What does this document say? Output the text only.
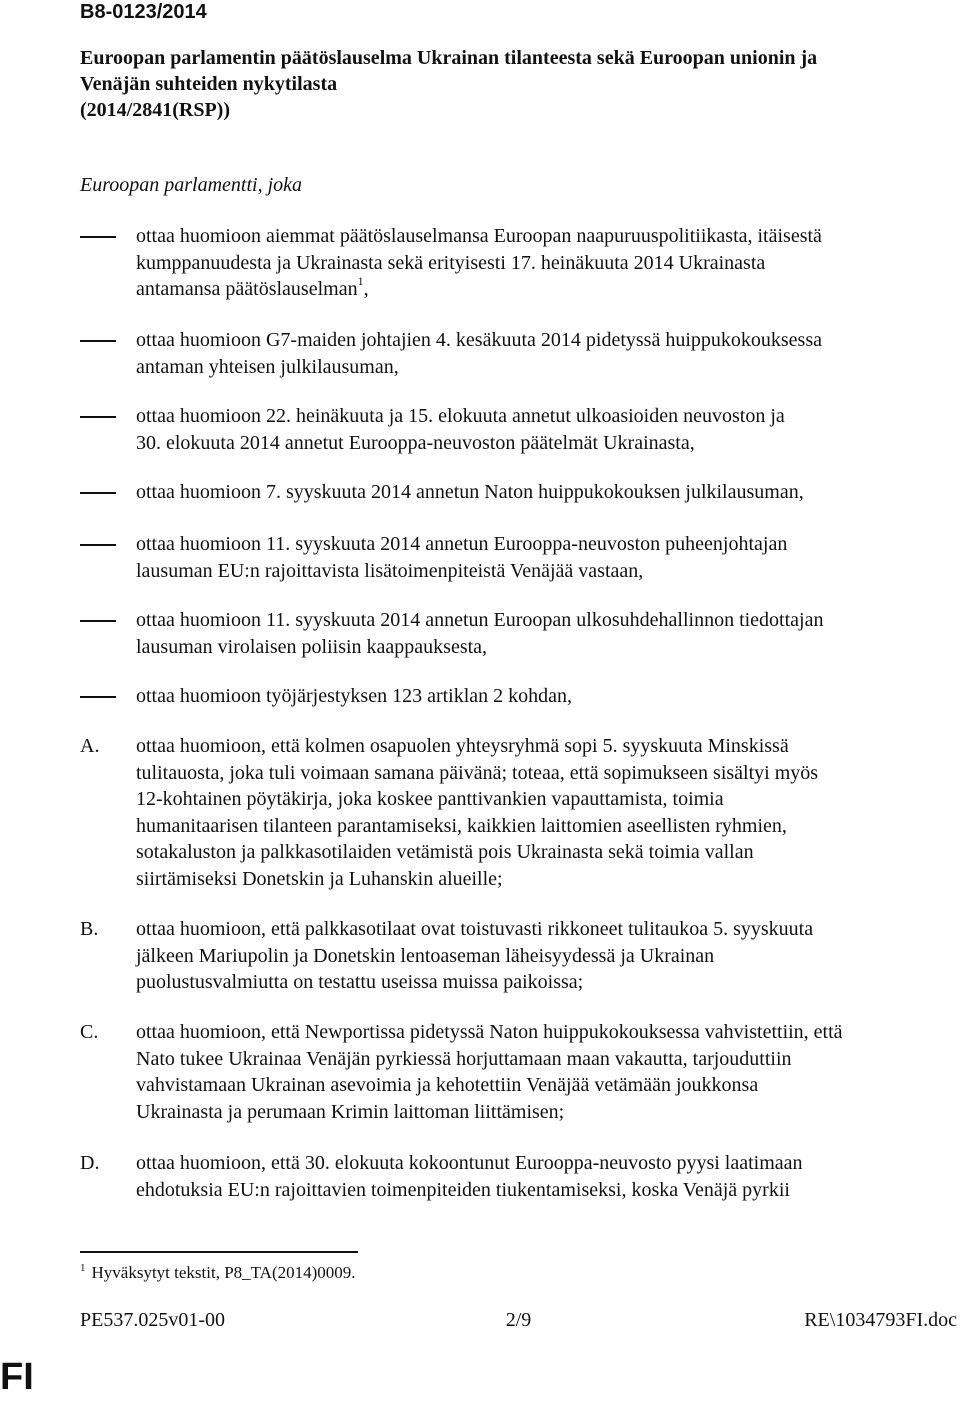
B8-0123/2014
Euroopan parlamentin päätöslauselma Ukrainan tilanteesta sekä Euroopan unionin ja
Venäjän suhteiden nykytilasta
(2014/2841(RSP))
Euroopan parlamentti, joka
ottaa huomioon aiemmat päätöslauselmansa Euroopan naapuruuspolitiikasta, itäisestä
kumppanuudesta ja Ukrainasta sekä erityisesti 17. heinäkuuta 2014 Ukrainasta
antamansa päätöslauselman$^1$,
ottaa huomioon G7-maiden johtajien 4. kesäkuuta 2014 pidetyssä huippukokouksessa
antaman yhteisen julkilausuman,
ottaa huomioon 22. heinäkuuta ja 15. elokuuta annetut ulkoasioiden neuvoston ja
30. elokuuta 2014 annetut Eurooppa-neuvoston päätelmät Ukrainasta,
ottaa huomioon 7. syyskuuta 2014 annetun Naton huippukokouksen julkilausuman,
ottaa huomioon 11. syyskuuta 2014 annetun Eurooppa-neuvoston puheenjohtajan
lausuman EU:n rajoittavista lisätoimenpiteistä Venäjää vastaan,
ottaa huomioon 11. syyskuuta 2014 annetun Euroopan ulkosuhdehallinnon tiedottajan
lausuman virolaisen poliisin kaappauksesta,
ottaa huomioon työjärjestyksen 123 artiklan 2 kohdan,
A. ottaa huomioon, että kolmen osapuolen yhteysryhmä sopi 5. syyskuuta Minskissä
tulitauosta, joka tuli voimaan samana päivänä; toteaa, että sopimukseen sisältyi myös
12-kohtainen pöytäkirja, joka koskee panttivankien vapauttamista, toimia
humanitaarisen tilanteen parantamiseksi, kaikkien laittomien aseellisten ryhmien,
sotakaluston ja palkkasotilaiden vetämistä pois Ukrainasta sekä toimia vallan
siirtämiseksi Donetskin ja Luhanskin alueille;
B. ottaa huomioon, että palkkasotilaat ovat toistuvasti rikkoneet tulitaukoa 5. syyskuuta
jälkeen Mariupolin ja Donetskin lentoaseman läheisyydessä ja Ukrainan
puolustusvalmiutta on testattu useissa muissa paikoissa;
C. ottaa huomioon, että Newportissa pidetyssä Naton huippukokouksessa vahvistettiin, että
Nato tukee Ukrainaa Venäjän pyrkiessä horjuttamaan maan vakautta, tarjouduttiin
vahvistamaan Ukrainan asevoimia ja kehotettiin Venäjää vetämään joukkonsa
Ukrainasta ja perumaan Krimin laittoman liittämisen;
D. ottaa huomioon, että 30. elokuuta kokoontunut Eurooppa-neuvosto pyysi laatimaan
ehdotuksia EU:n rajoittavien toimenpiteiden tiukentamiseksi, koska Venäjä pyrkii
$^1$ Hyväksytyt tekstit, P8_TA(2014)0009.
PE537.025v01-00	2/9	RE\1034793FI.doc
FI
